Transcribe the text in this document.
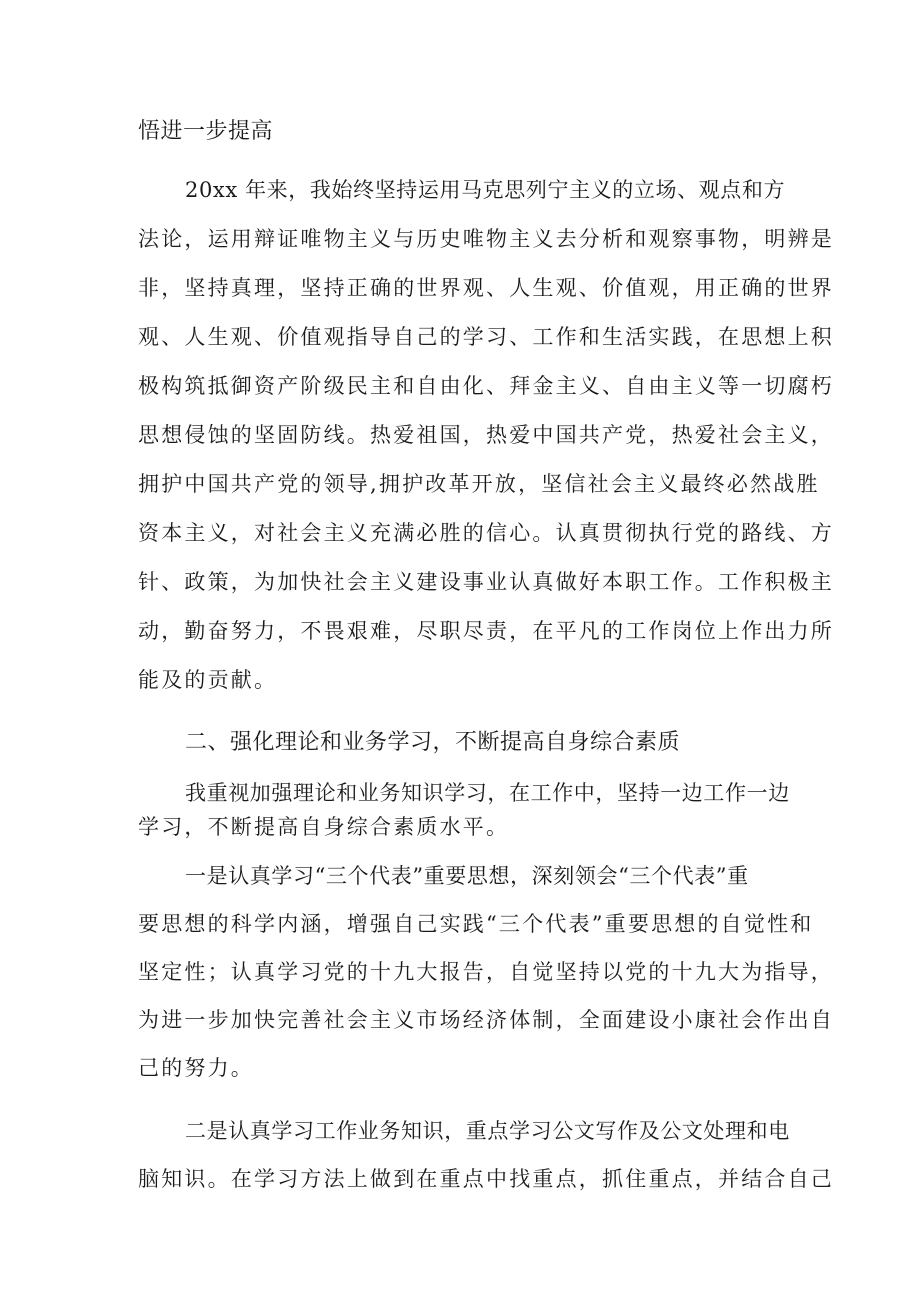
悟进一步提高
20xx 年来，我始终坚持运用马克思列宁主义的立场、观点和方
法论，运用辩证唯物主义与历史唯物主义去分析和观察事物，明辨是
非，坚持真理，坚持正确的世界观、人生观、价值观，用正确的世界
观、人生观、价值观指导自己的学习、工作和生活实践，在思想上积
极构筑抵御资产阶级民主和自由化、拜金主义、自由主义等一切腐朽
思想侵蚀的坚固防线。热爱祖国，热爱中国共产党，热爱社会主义，
拥护中国共产党的领导,拥护改革开放，坚信社会主义最终必然战胜
资本主义，对社会主义充满必胜的信心。认真贯彻执行党的路线、方
针、政策，为加快社会主义建设事业认真做好本职工作。工作积极主
动，勤奋努力，不畏艰难，尽职尽责，在平凡的工作岗位上作出力所
能及的贡献。
二、强化理论和业务学习，不断提高自身综合素质
我重视加强理论和业务知识学习，在工作中，坚持一边工作一边
学习，不断提高自身综合素质水平。
一是认真学习“三个代表”重要思想，深刻领会“三个代表”重
要思想的科学内涵，增强自己实践“三个代表”重要思想的自觉性和
坚定性；认真学习党的十九大报告，自觉坚持以党的十九大为指导，
为进一步加快完善社会主义市场经济体制，全面建设小康社会作出自
己的努力。
二是认真学习工作业务知识，重点学习公文写作及公文处理和电
脑知识。在学习方法上做到在重点中找重点，抓住重点，并结合自己
